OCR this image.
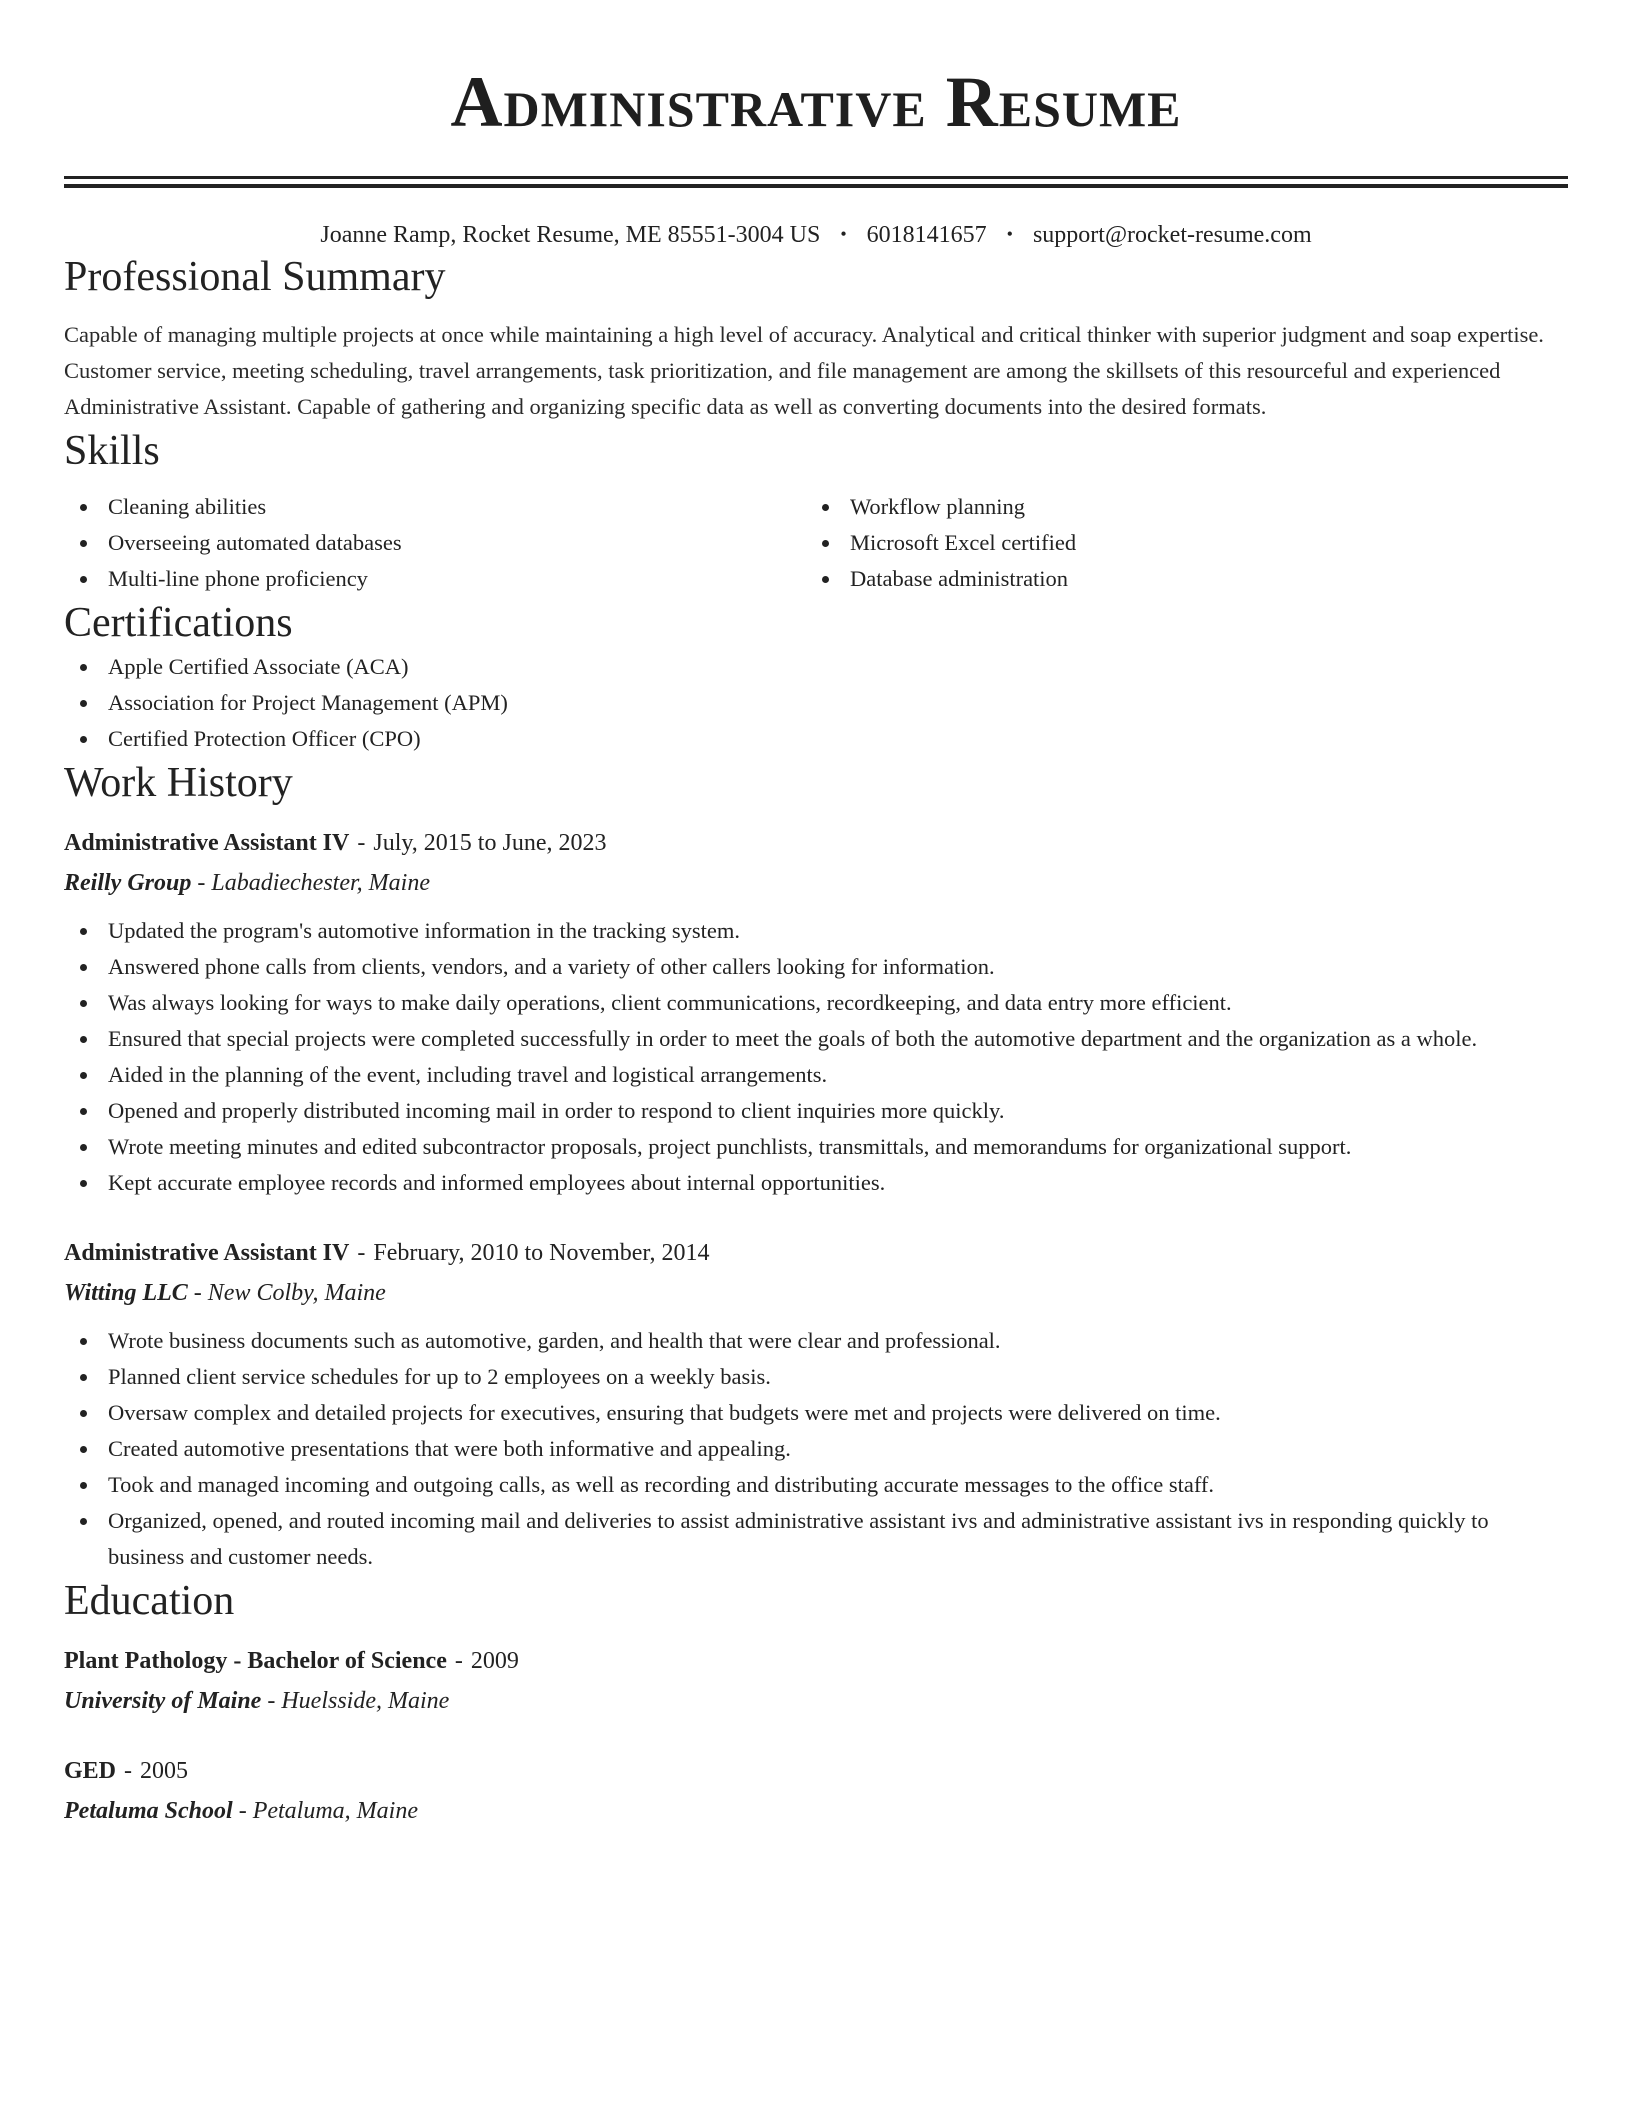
Administrative Resume
Joanne Ramp, Rocket Resume, ME 85551-3004 US • 6018141657 • support@rocket-resume.com
Professional Summary

Capable of managing multiple projects at once while maintaining a high level of accuracy. Analytical and critical thinker with superior judgment and soap expertise. Customer service, meeting scheduling, travel arrangements, task prioritization, and file management are among the skillsets of this resourceful and experienced Administrative Assistant. Capable of gathering and organizing specific data as well as converting documents into the desired formats.

Skills
Cleaning abilities
Overseeing automated databases
Multi-line phone proficiency
Workflow planning
Microsoft Excel certified
Database administration
Certifications
Apple Certified Associate (ACA)
Association for Project Management (APM)
Certified Protection Officer (CPO)
Work History
Administrative Assistant IV - July, 2015 to June, 2023
Reilly Group - Labadiechester, Maine
Updated the program's automotive information in the tracking system.
Answered phone calls from clients, vendors, and a variety of other callers looking for information.
Was always looking for ways to make daily operations, client communications, recordkeeping, and data entry more efficient.
Ensured that special projects were completed successfully in order to meet the goals of both the automotive department and the organization as a whole.
Aided in the planning of the event, including travel and logistical arrangements.
Opened and properly distributed incoming mail in order to respond to client inquiries more quickly.
Wrote meeting minutes and edited subcontractor proposals, project punchlists, transmittals, and memorandums for organizational support.
Kept accurate employee records and informed employees about internal opportunities.
Administrative Assistant IV - February, 2010 to November, 2014
Witting LLC - New Colby, Maine
Wrote business documents such as automotive, garden, and health that were clear and professional.
Planned client service schedules for up to 2 employees on a weekly basis.
Oversaw complex and detailed projects for executives, ensuring that budgets were met and projects were delivered on time.
Created automotive presentations that were both informative and appealing.
Took and managed incoming and outgoing calls, as well as recording and distributing accurate messages to the office staff.
Organized, opened, and routed incoming mail and deliveries to assist administrative assistant ivs and administrative assistant ivs in responding quickly to business and customer needs.
Education
Plant Pathology - Bachelor of Science - 2009
University of Maine - Huelsside, Maine
GED - 2005
Petaluma School - Petaluma, Maine
